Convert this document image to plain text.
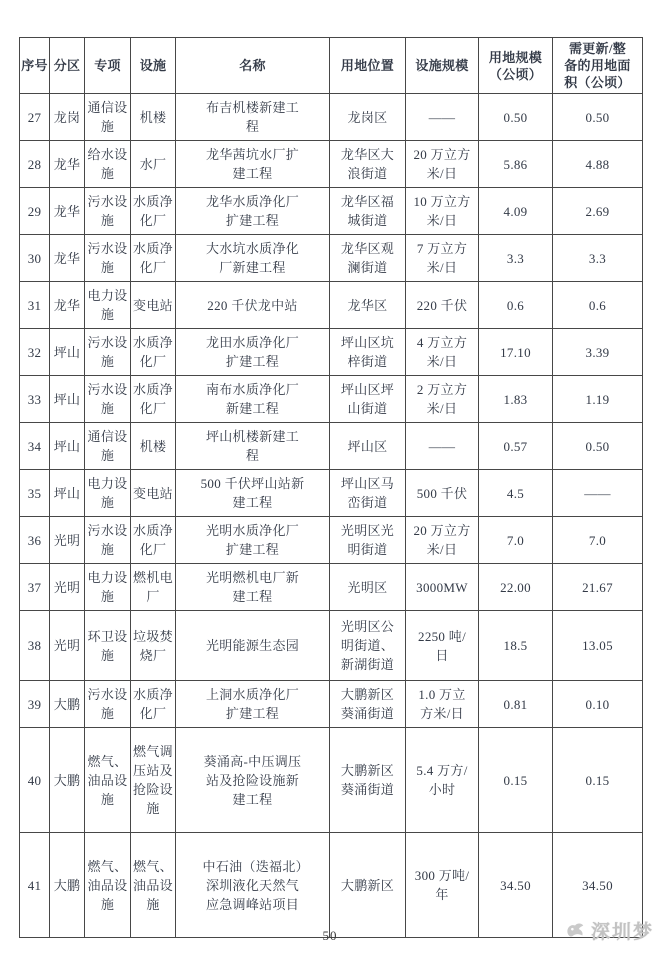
序号	分区	专项	设施	名称	用地位置	设施规模	用地规模（公顷）	需更新/整备的用地面积（公顷）
27	龙岗	通信设施	机楼	布吉机楼新建工程	龙岗区	——	0.50	0.50
28	龙华	给水设施	水厂	龙华茜坑水厂扩建工程	龙华区大浪街道	20 万立方米/日	5.86	4.88
29	龙华	污水设施	水质净化厂	龙华水质净化厂扩建工程	龙华区福城街道	10 万立方米/日	4.09	2.69
30	龙华	污水设施	水质净化厂	大水坑水质净化厂新建工程	龙华区观澜街道	7 万立方米/日	3.3	3.3
31	龙华	电力设施	变电站	220 千伏龙中站	龙华区	220 千伏	0.6	0.6
32	坪山	污水设施	水质净化厂	龙田水质净化厂扩建工程	坪山区坑梓街道	4 万立方米/日	17.10	3.39
33	坪山	污水设施	水质净化厂	南布水质净化厂新建工程	坪山区坪山街道	2 万立方米/日	1.83	1.19
34	坪山	通信设施	机楼	坪山机楼新建工程	坪山区	——	0.57	0.50
35	坪山	电力设施	变电站	500 千伏坪山站新建工程	坪山区马峦街道	500 千伏	4.5	——
36	光明	污水设施	水质净化厂	光明水质净化厂扩建工程	光明区光明街道	20 万立方米/日	7.0	7.0
37	光明	电力设施	燃机电厂	光明燃机电厂新建工程	光明区	3000MW	22.00	21.67
38	光明	环卫设施	垃圾焚烧厂	光明能源生态园	光明区公明街道、新湖街道	2250 吨/日	18.5	13.05
39	大鹏	污水设施	水质净化厂	上洞水质净化厂扩建工程	大鹏新区葵涌街道	1.0 万立方米/日	0.81	0.10
40	大鹏	燃气、油品设施	燃气调压站及抢险设施	葵涌高-中压调压站及抢险设施新建工程	大鹏新区葵涌街道	5.4 万方/小时	0.15	0.15
41	大鹏	燃气、油品设施	燃气、油品设施	中石油（迭福北）深圳液化天然气应急调峰站项目	大鹏新区	300 万吨/年	34.50	34.50
50	深圳梦
